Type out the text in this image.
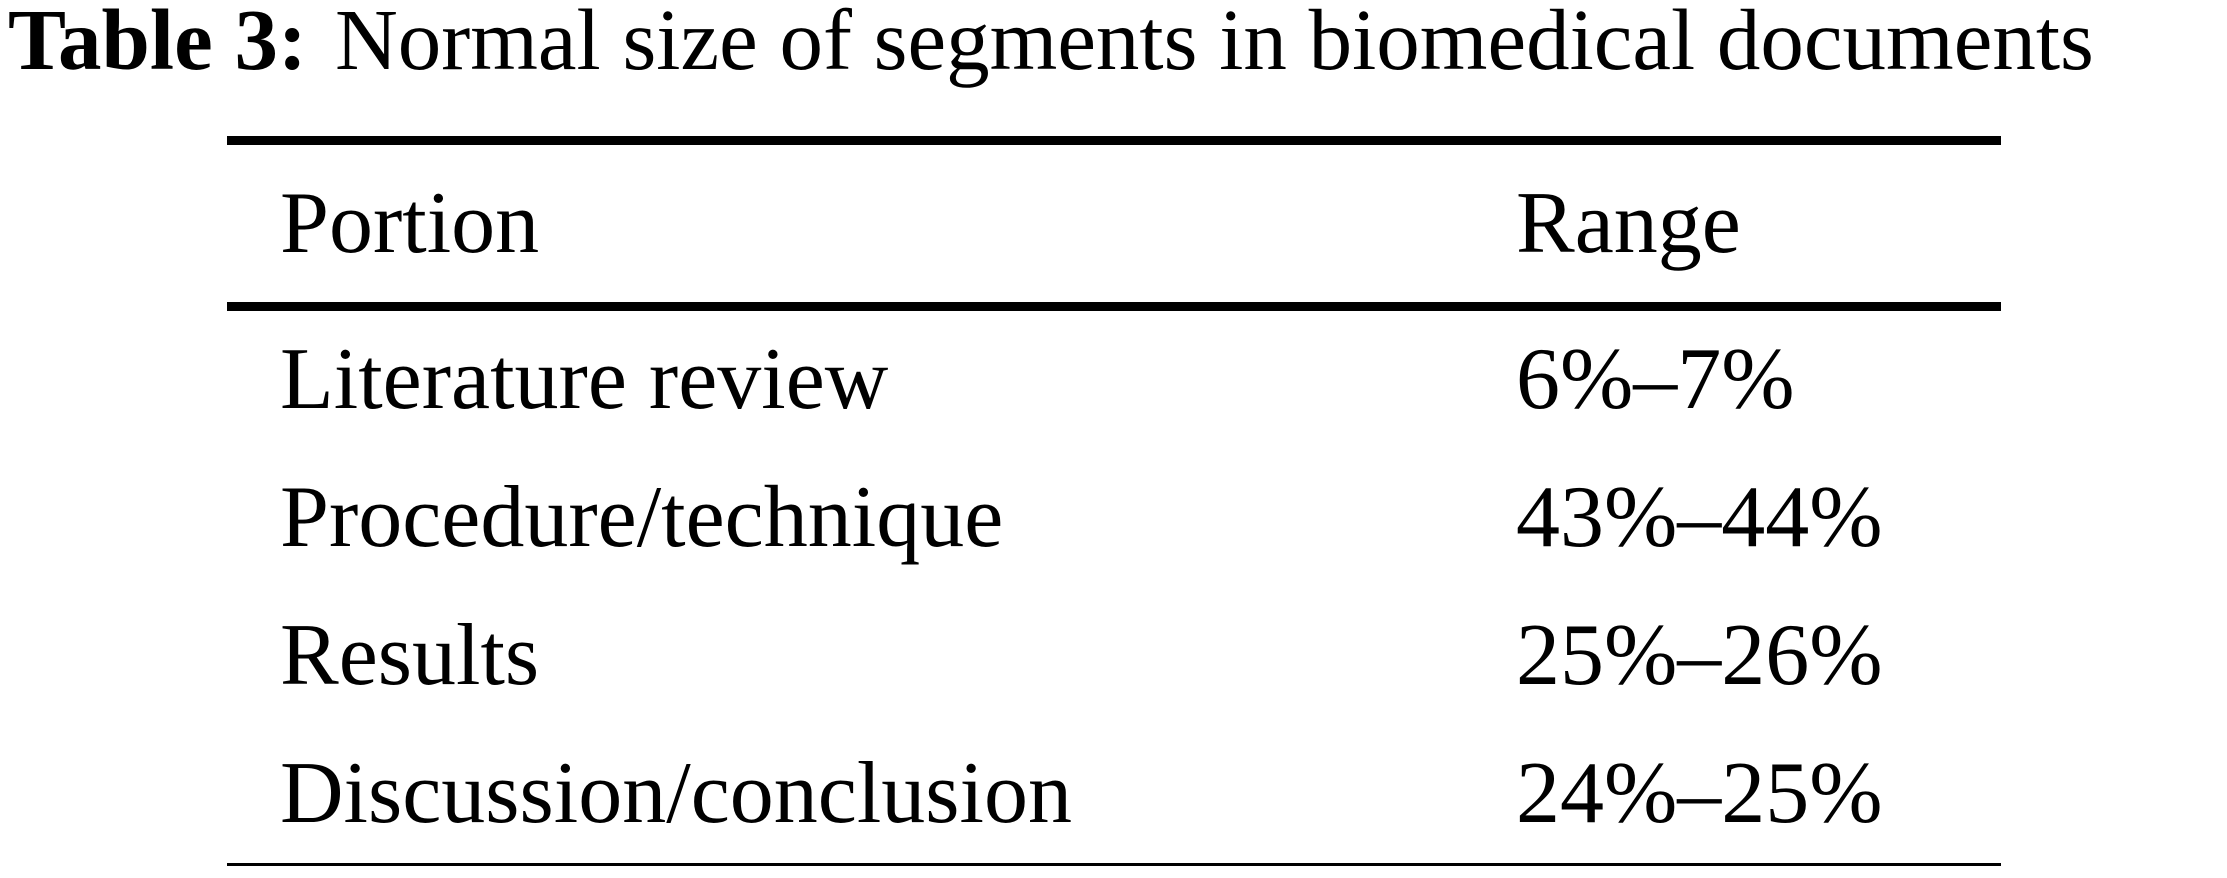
Table 3: Normal size of segments in biomedical documents
Portion	Range
Literature review	6%–7%
Procedure/technique	43%–44%
Results	25%–26%
Discussion/conclusion	24%–25%
